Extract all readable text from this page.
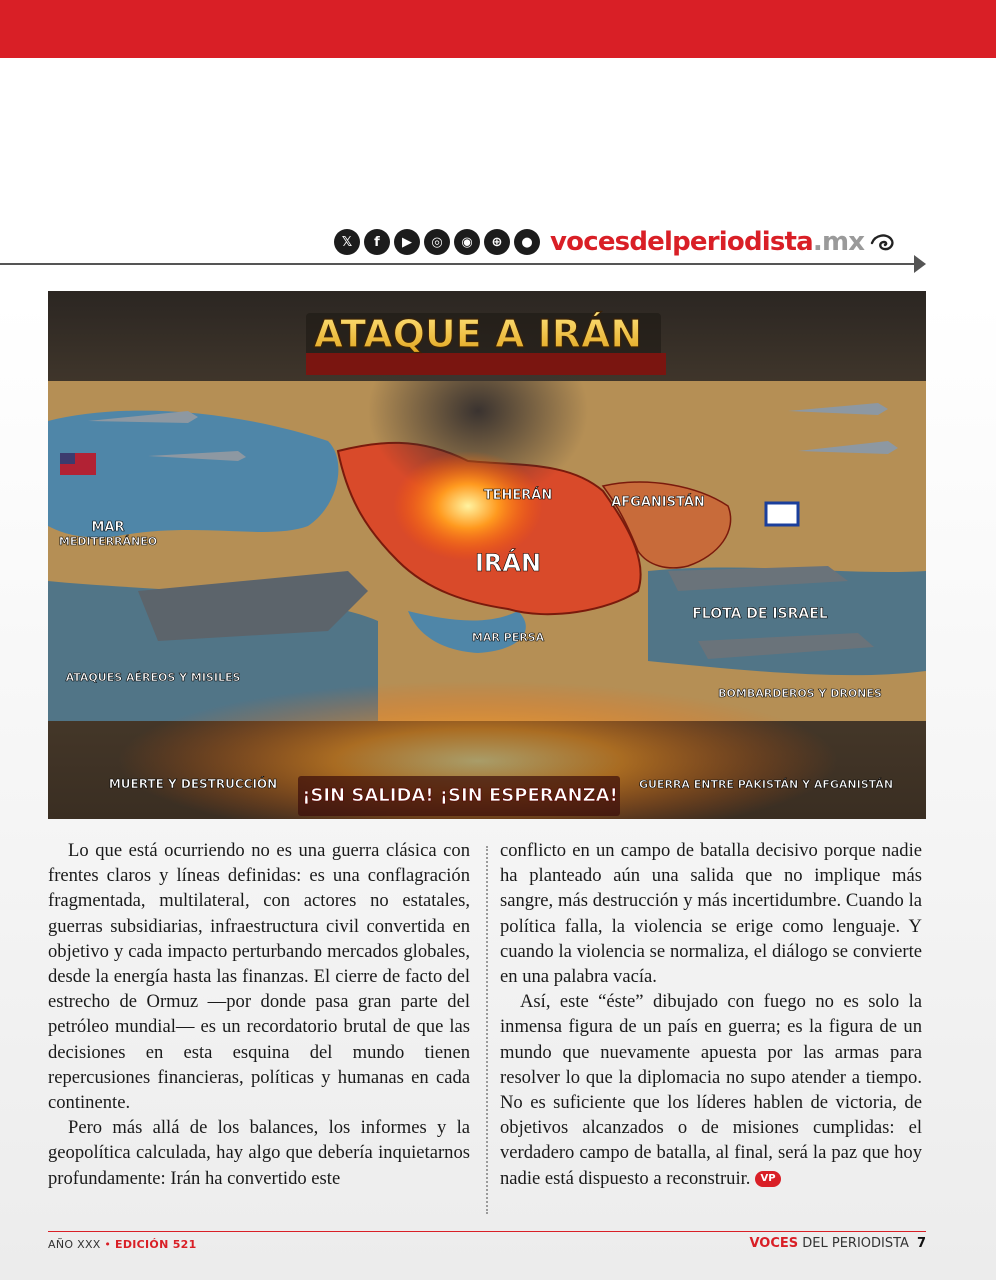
𝕏	f	▶	◎	◉	⊕	● vocesdelperiodista.mx
ATAQUE A IRÁN
TEHERÁN
IRÁN
AFGANISTÁN
MAR
MEDITERRÁNEO
MAR PERSA
FLOTA DE ISRAEL
ATAQUES AÉREOS Y MISILES
BOMBARDEROS Y DRONES
MUERTE Y DESTRUCCIÓN	GUERRA ENTRE PAKISTÁN Y AFGANISTÁN
¡SIN SALIDA! ¡SIN ESPERANZA!

Lo que está ocurriendo no es una guerra clásica con frentes claros y líneas definidas: es una conflagración fragmentada, multilateral, con actores no estatales, guerras subsidiarias, infraestructura civil convertida en objetivo y cada impacto perturbando mercados globales, desde la energía hasta las finanzas. El cierre de facto del estrecho de Ormuz —por donde pasa gran parte del petróleo mundial— es un recordatorio brutal de que las decisiones en esta esquina del mundo tienen repercusiones financieras, políticas y humanas en cada continente.

Pero más allá de los balances, los informes y la geopolítica calculada, hay algo que debería inquietarnos profundamente: Irán ha convertido este

conflicto en un campo de batalla decisivo porque nadie ha planteado aún una salida que no implique más sangre, más destrucción y más incertidumbre. Cuando la política falla, la violencia se erige como lenguaje. Y cuando la violencia se normaliza, el diálogo se convierte en una palabra vacía.

Así, este “éste” dibujado con fuego no es solo la inmensa figura de un país en guerra; es la figura de un mundo que nuevamente apuesta por las armas para resolver lo que la diplomacia no supo atender a tiempo. No es suficiente que los líderes hablen de victoria, de objetivos alcanzados o de misiones cumplidas: el verdadero campo de batalla, al final, será la paz que hoy nadie está dispuesto a reconstruir. VP

AÑO XXX • EDICIÓN 521	VOCES DEL PERIODISTA 7
